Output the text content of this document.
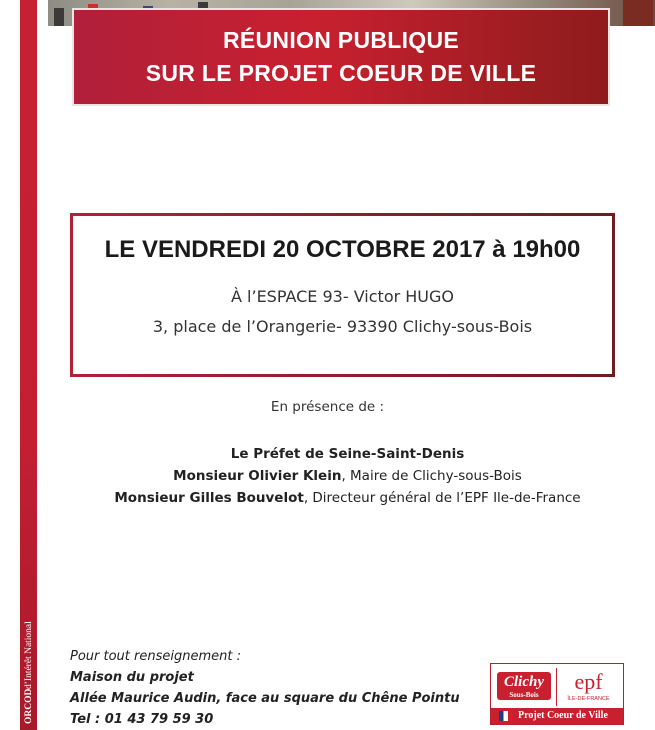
ORCOD
d’Intérêt National
RÉUNION PUBLIQUE
SUR LE PROJET COEUR DE VILLE
LE VENDREDI 20 OCTOBRE 2017 à 19h00
À l’ESPACE 93- Victor HUGO
3, place de l’Orangerie- 93390 Clichy-sous-Bois
En présence de :
Le Préfet de Seine-Saint-Denis
Monsieur Olivier Klein, Maire de Clichy-sous-Bois
Monsieur Gilles Bouvelot, Directeur général de l’EPF Ile-de-France
Pour tout renseignement :
Maison du projet
Allée Maurice Audin, face au square du Chêne Pointu
Tel : 01 43 79 59 30
Clichy
Sous-Bois
epf
ÎLE-DE-FRANCE
Projet Coeur de Ville
